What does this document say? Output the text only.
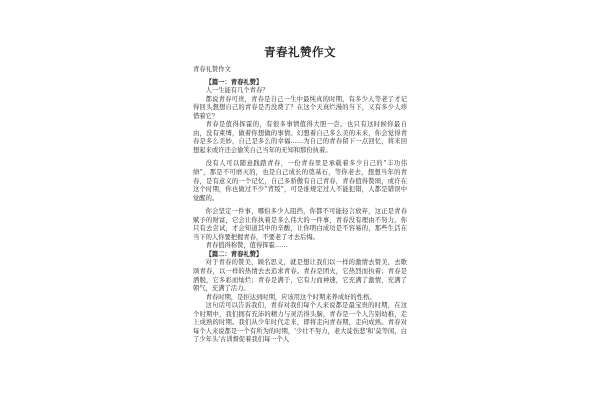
青春礼赞作文
青春礼赞作文

【篇一：青春礼赞】

人一生能有几个青春？

都说青春可贵，青春是自己一生中最纯真的时期，有多少人等老了才记得回头想想自己的青春是否没费了？在这个天真烂漫的当下，又有多少人珍惜着它？

青春是值得挥霍的，有很多事情值得大胆一尝。也只有这时候你最自由，没有束缚，做着你想做的事情。幻想着自己多么美的未来，你会觉得青春是多么美妙，自己是多么的幸福……为自己的青春留下一点回忆，将来回想起来或许还会偷笑自己当年的无知和那份执着。

没有人可以随意践踏青春，一份青春里是承载着多少自己的“丰功伟绩”，那是不可磨灭的，也是自己成长的奠基石，等你老去，想想当年的青春，是有意义的一个记忆，自己多骄傲有自己青春，青春值得赞颂，或许在这个时期，你也做过不少“背叛”，可是谁规定过人不能犯错，人都是错误中觉醒的。

你会坚定一件事，哪怕多少人阻挡，你都不可能轻言放弃，这正是青春赋予的财富，它会让你执着是多么伟大的一件事，青春没有理由不努力。你只有去尝试，才会知道其中的辛酸，让你明白成功是不容易的，那些生活在当下的人你要把握青春，不要老了才去后悔。

青春值得称赞，值得挥霍……

【篇二：青春礼赞】

对于青春的赞美，顾名思义，就是想让我们以一样的激情去赞美，去歌颂青春，以一样的热情去去追求青春。青春是团火，它热烈而执着；青春是洒脱，它多彩而灿烂；青春是满于，它有力而神速，它充满了激情，充满了朝气，充满了活力。

青春时期，是拒达到时期，应该用这个时期来养成好的性格。

这句话可以告诉我们，青春对我们每个人来说都是最宝贵的时期，在这个时期中，我们拥有充沛的精力与灵活得头脑，青春是一个人告别幼稚，走上成熟的时期。我们从少年时代走来，即将走向青春期，走向成熟。青春对每个人来说都是一个有所为的时期，'少壮不努力，老大徒伤悲'和'莫等闲，白了少年头'古训督促着我们每一个人
